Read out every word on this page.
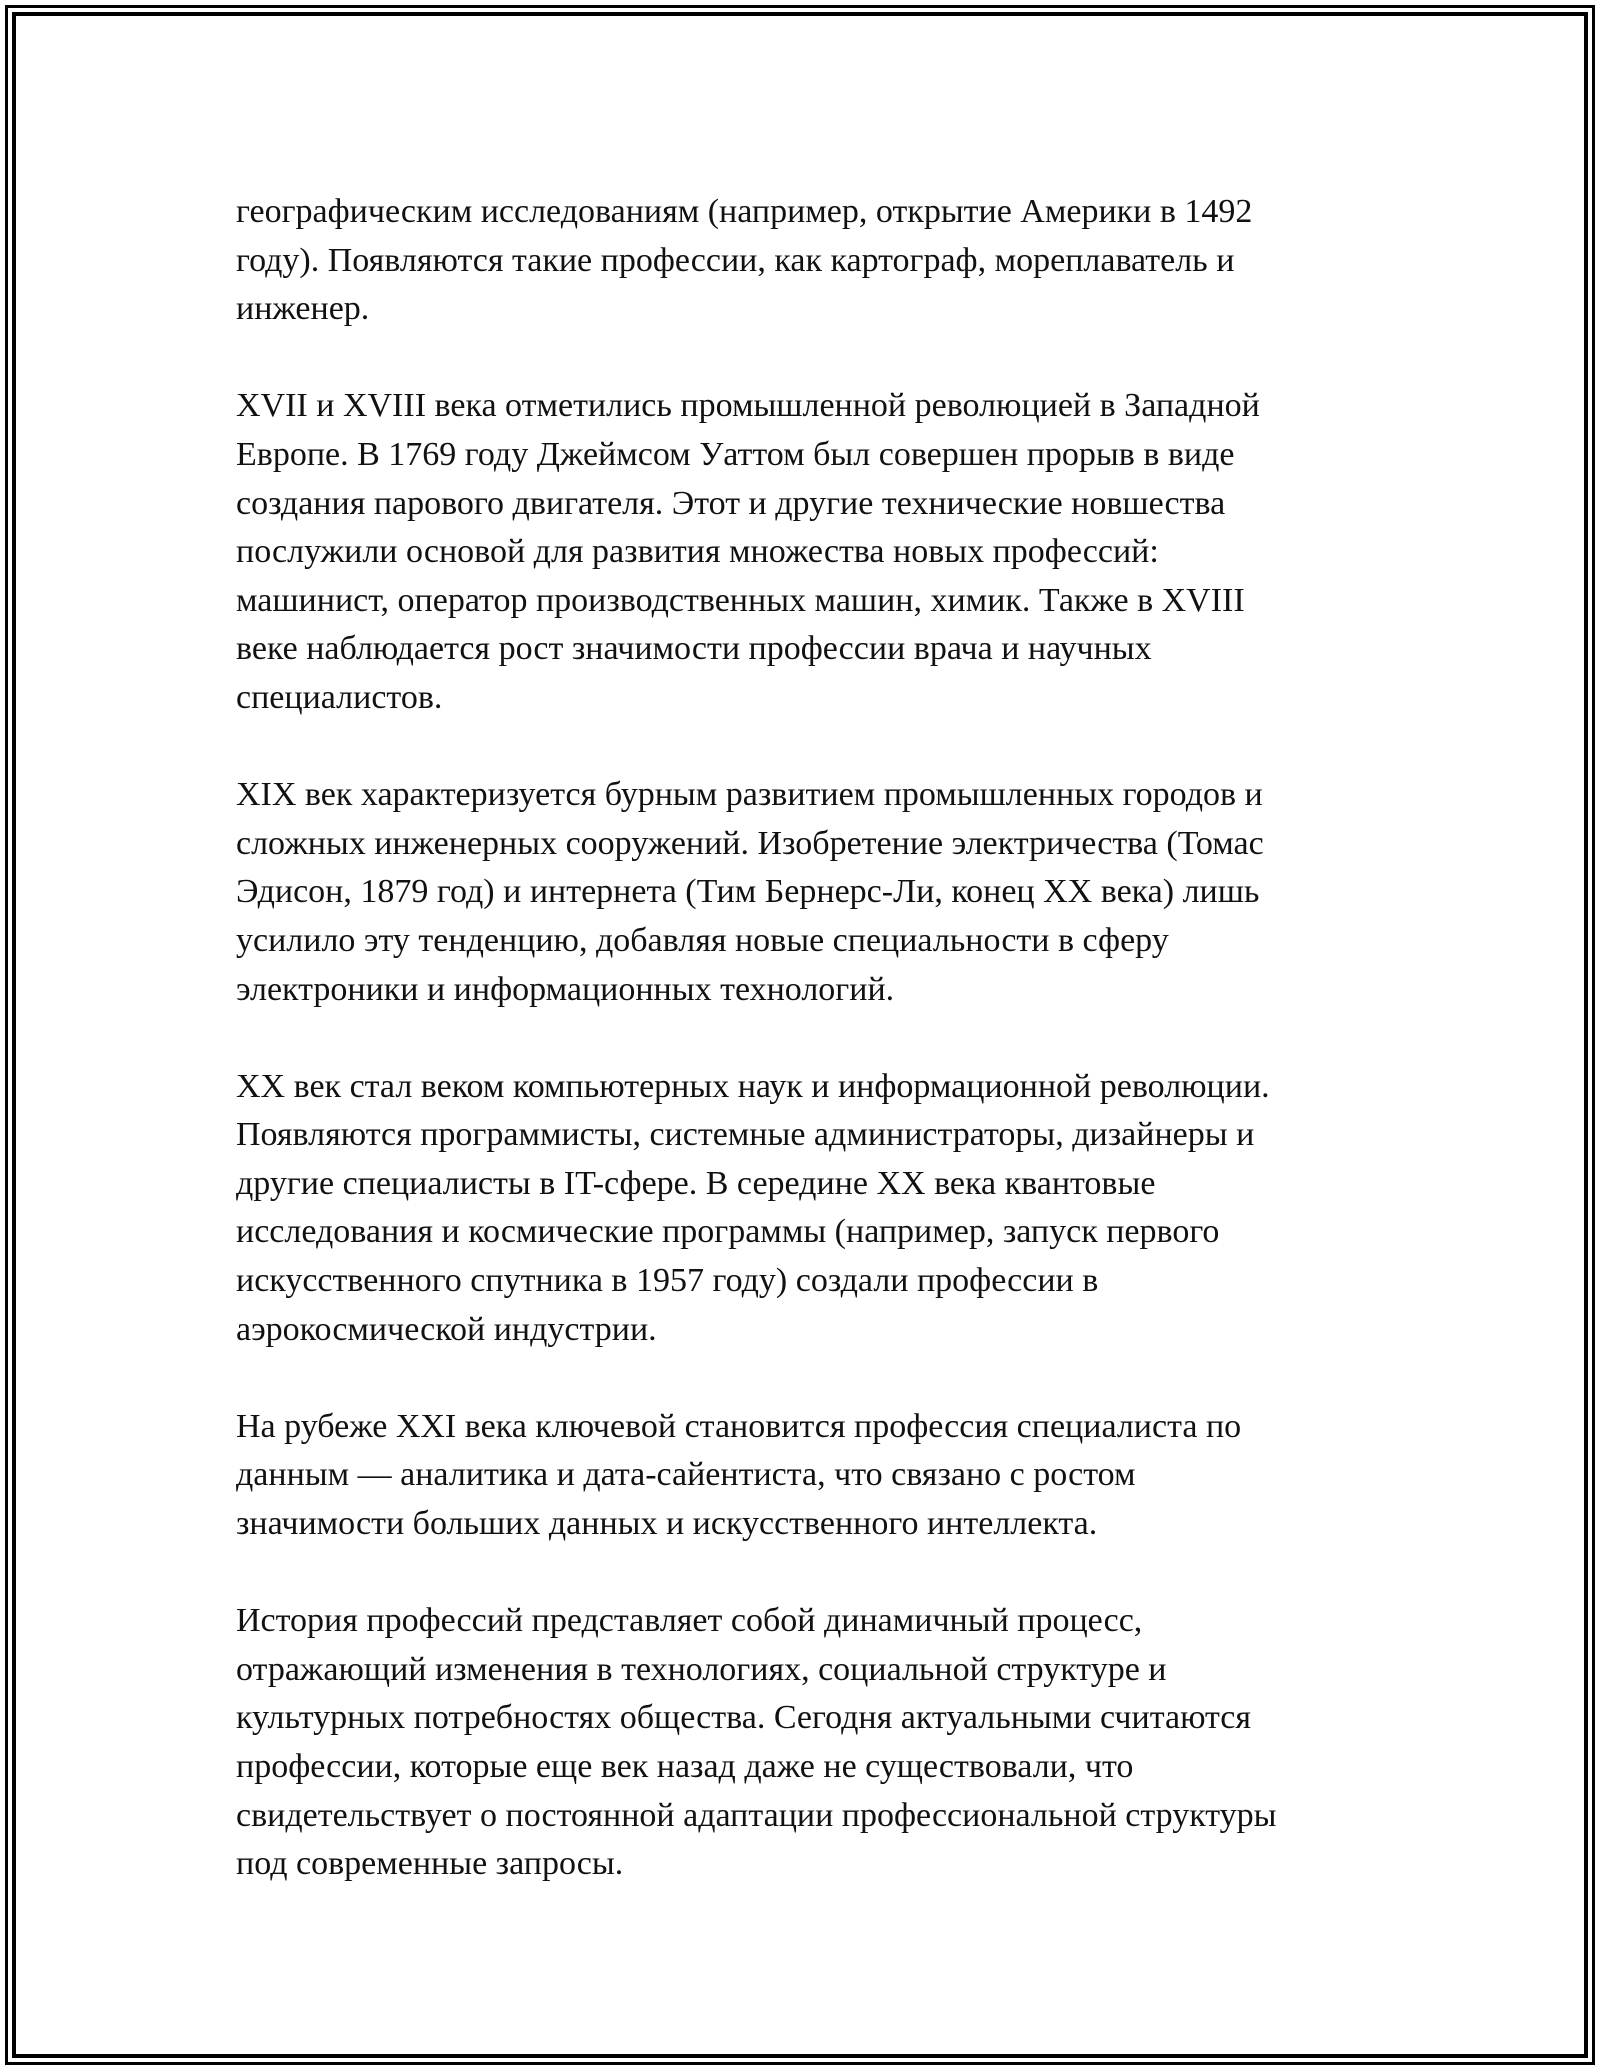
географическим исследованиям (например, открытие Америки в 1492
году). Появляются такие профессии, как картограф, мореплаватель и
инженер.

XVII и XVIII века отметились промышленной революцией в Западной
Европе. В 1769 году Джеймсом Уаттом был совершен прорыв в виде
создания парового двигателя. Этот и другие технические новшества
послужили основой для развития множества новых профессий:
машинист, оператор производственных машин, химик. Также в XVIII
веке наблюдается рост значимости профессии врача и научных
специалистов.

XIX век характеризуется бурным развитием промышленных городов и
сложных инженерных сооружений. Изобретение электричества (Томас
Эдисон, 1879 год) и интернета (Тим Бернерс-Ли, конец XX века) лишь
усилило эту тенденцию, добавляя новые специальности в сферу
электроники и информационных технологий.

XX век стал веком компьютерных наук и информационной революции.
Появляются программисты, системные администраторы, дизайнеры и
другие специалисты в IT-сфере. В середине XX века квантовые
исследования и космические программы (например, запуск первого
искусственного спутника в 1957 году) создали профессии в
аэрокосмической индустрии.

На рубеже XXI века ключевой становится профессия специалиста по
данным — аналитика и дата-сайентиста, что связано с ростом
значимости больших данных и искусственного интеллекта.

История профессий представляет собой динамичный процесс,
отражающий изменения в технологиях, социальной структуре и
культурных потребностях общества. Сегодня актуальными считаются
профессии, которые еще век назад даже не существовали, что
свидетельствует о постоянной адаптации профессиональной структуры
под современные запросы.
